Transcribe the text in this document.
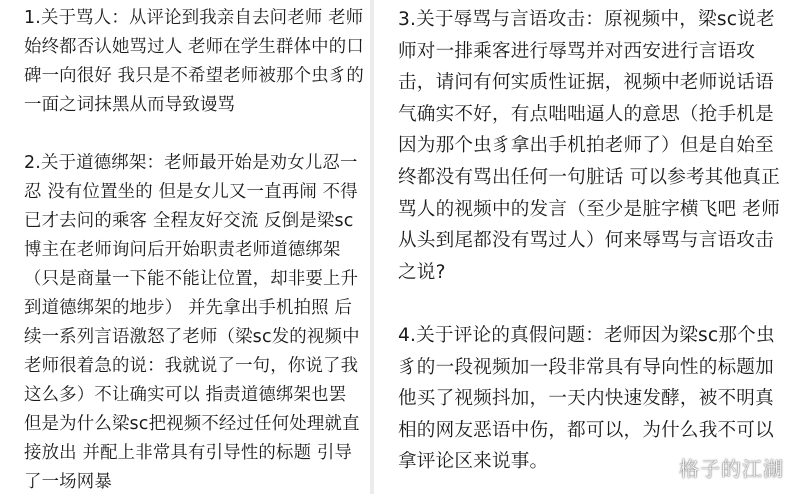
1.关于骂人：从评论到我亲自去问老师 老师始终都否认她骂过人 老师在学生群体中的口碑一向很好 我只是不希望老师被那个虫豸的一面之词抹黑从而导致谩骂

2.关于道德绑架：老师最开始是劝女儿忍一忍 没有位置坐的 但是女儿又一直再闹 不得已才去问的乘客 全程友好交流 反倒是梁sc博主在老师询问后开始职责老师道德绑架（只是商量一下能不能让位置，却非要上升到道德绑架的地步） 并先拿出手机拍照 后续一系列言语激怒了老师（梁sc发的视频中老师很着急的说：我就说了一句，你说了我这么多）不让确实可以 指责道德绑架也罢 但是为什么梁sc把视频不经过任何处理就直接放出 并配上非常具有引导性的标题 引导了一场网暴

3.关于辱骂与言语攻击：原视频中，梁sc说老师对一排乘客进行辱骂并对西安进行言语攻击，请问有何实质性证据，视频中老师说话语气确实不好，有点咄咄逼人的意思（抢手机是因为那个虫豸拿出手机拍老师了）但是自始至终都没有骂出任何一句脏话 可以参考其他真正骂人的视频中的发言（至少是脏字横飞吧 老师从头到尾都没有骂过人）何来辱骂与言语攻击之说?

4.关于评论的真假问题：老师因为梁sc那个虫豸的一段视频加一段非常具有导向性的标题加他买了视频抖加，一天内快速发酵，被不明真相的网友恶语中伤，都可以，为什么我不可以拿评论区来说事。	格子的江湖
